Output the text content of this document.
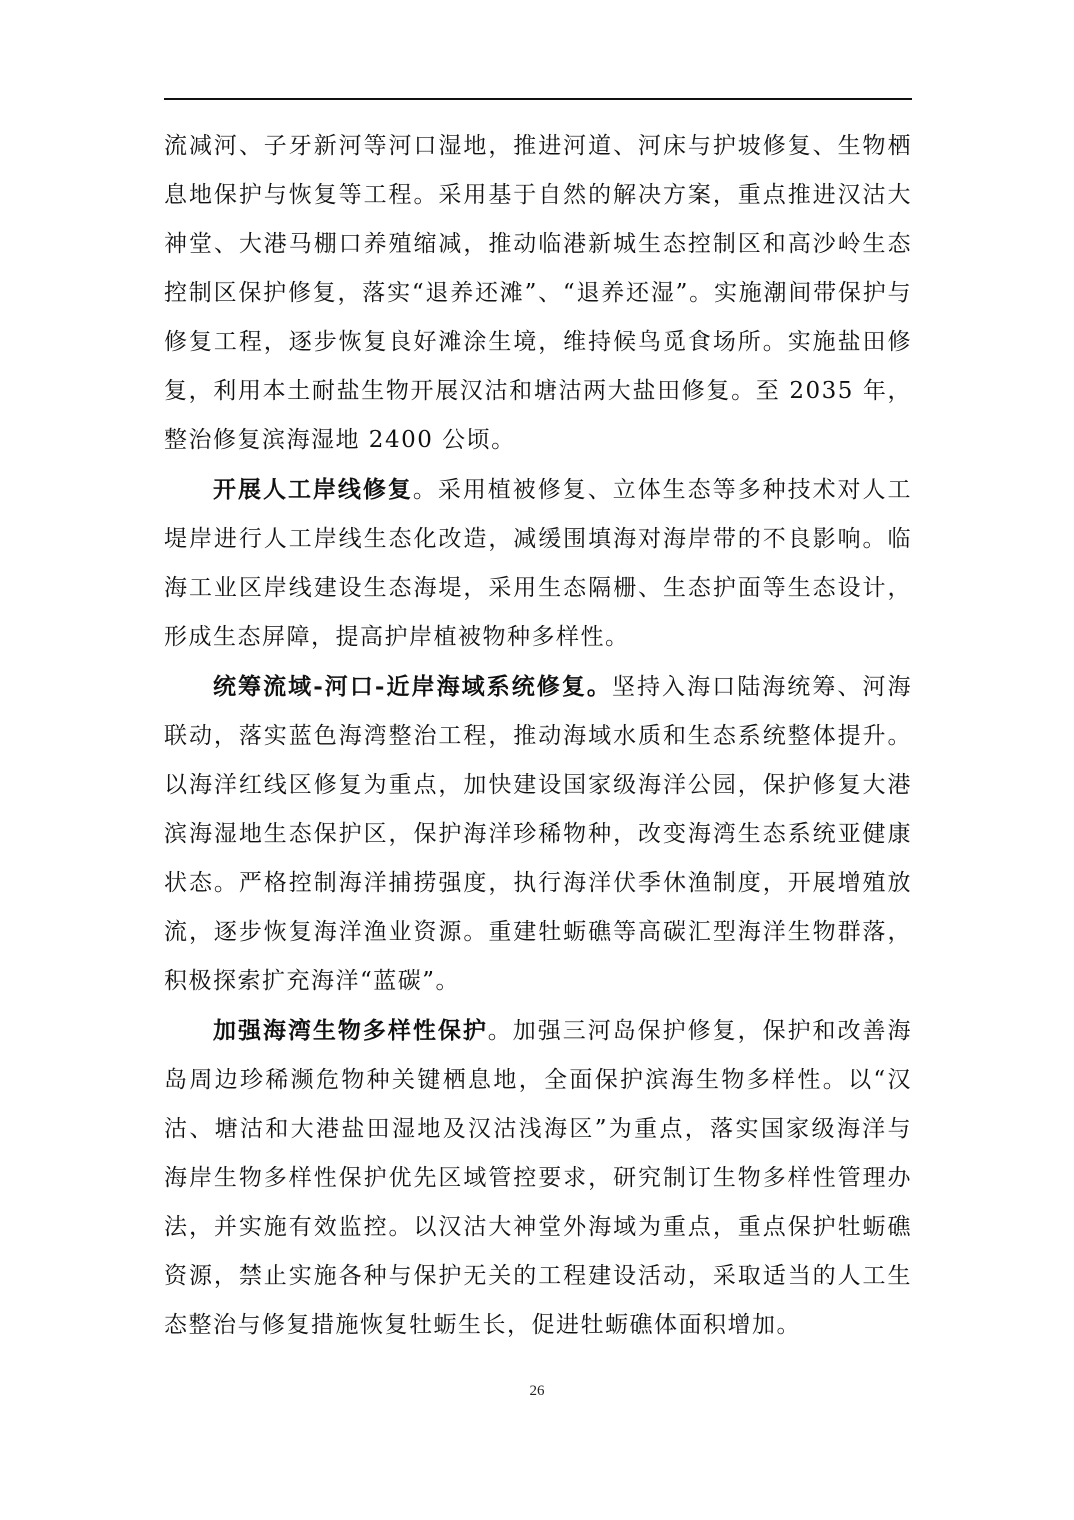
流减河、子牙新河等河口湿地，推进河道、河床与护坡修复、生物栖息地保护与恢复等工程。采用基于自然的解决方案，重点推进汉沽大神堂、大港马棚口养殖缩减，推动临港新城生态控制区和高沙岭生态控制区保护修复，落实“退养还滩”、“退养还湿”。实施潮间带保护与修复工程，逐步恢复良好滩涂生境，维持候鸟觅食场所。实施盐田修复，利用本土耐盐生物开展汉沽和塘沽两大盐田修复。至 2035 年，整治修复滨海湿地 2400 公顷。

开展人工岸线修复。采用植被修复、立体生态等多种技术对人工堤岸进行人工岸线生态化改造，减缓围填海对海岸带的不良影响。临海工业区岸线建设生态海堤，采用生态隔栅、生态护面等生态设计，形成生态屏障，提高护岸植被物种多样性。

统筹流域-河口-近岸海域系统修复。坚持入海口陆海统筹、河海联动，落实蓝色海湾整治工程，推动海域水质和生态系统整体提升。以海洋红线区修复为重点，加快建设国家级海洋公园，保护修复大港滨海湿地生态保护区，保护海洋珍稀物种，改变海湾生态系统亚健康状态。严格控制海洋捕捞强度，执行海洋伏季休渔制度，开展增殖放流，逐步恢复海洋渔业资源。重建牡蛎礁等高碳汇型海洋生物群落，积极探索扩充海洋“蓝碳”。

加强海湾生物多样性保护。加强三河岛保护修复，保护和改善海岛周边珍稀濒危物种关键栖息地，全面保护滨海生物多样性。以“汉沽、塘沽和大港盐田湿地及汉沽浅海区”为重点，落实国家级海洋与海岸生物多样性保护优先区域管控要求，研究制订生物多样性管理办法，并实施有效监控。以汉沽大神堂外海域为重点，重点保护牡蛎礁资源，禁止实施各种与保护无关的工程建设活动，采取适当的人工生态整治与修复措施恢复牡蛎生长，促进牡蛎礁体面积增加。

26
